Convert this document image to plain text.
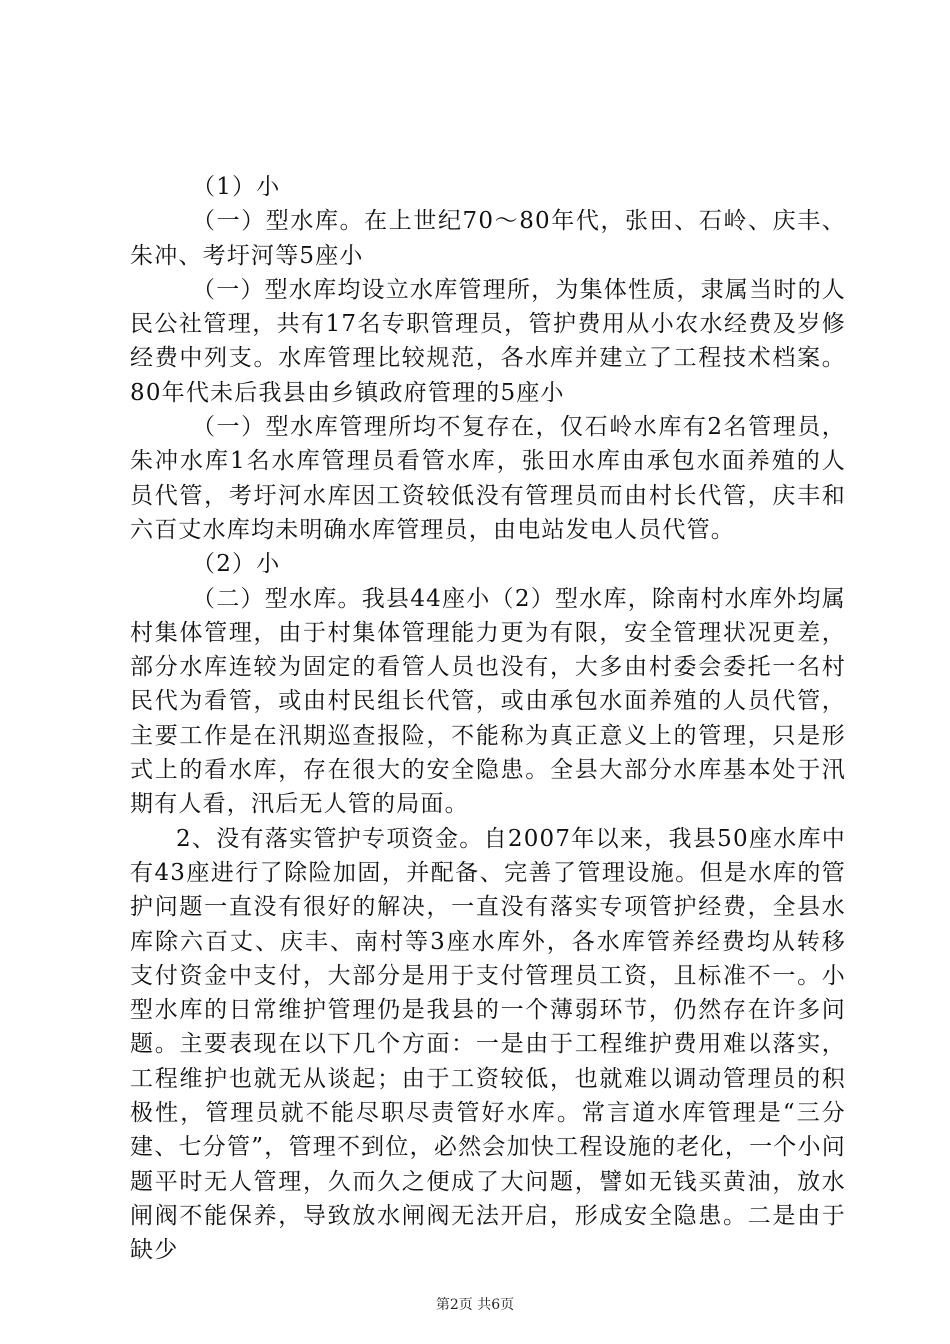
（1）小

（一）型水库。在上世纪70～80年代，张田、石岭、庆丰、朱冲、考圩河等5座小

（一）型水库均设立水库管理所，为集体性质，隶属当时的人民公社管理，共有17名专职管理员，管护费用从小农水经费及岁修经费中列支。水库管理比较规范，各水库并建立了工程技术档案。80年代未后我县由乡镇政府管理的5座小

（一）型水库管理所均不复存在，仅石岭水库有2名管理员，朱冲水库1名水库管理员看管水库，张田水库由承包水面养殖的人员代管，考圩河水库因工资较低没有管理员而由村长代管，庆丰和六百丈水库均未明确水库管理员，由电站发电人员代管。

（2）小

（二）型水库。我县44座小（2）型水库，除南村水库外均属村集体管理，由于村集体管理能力更为有限，安全管理状况更差，部分水库连较为固定的看管人员也没有，大多由村委会委托一名村民代为看管，或由村民组长代管，或由承包水面养殖的人员代管，主要工作是在汛期巡查报险，不能称为真正意义上的管理，只是形式上的看水库，存在很大的安全隐患。全县大部分水库基本处于汛期有人看，汛后无人管的局面。

2、没有落实管护专项资金。自2007年以来，我县50座水库中有43座进行了除险加固，并配备、完善了管理设施。但是水库的管护问题一直没有很好的解决，一直没有落实专项管护经费，全县水库除六百丈、庆丰、南村等3座水库外，各水库管养经费均从转移支付资金中支付，大部分是用于支付管理员工资，且标准不一。小型水库的日常维护管理仍是我县的一个薄弱环节，仍然存在许多问题。主要表现在以下几个方面：一是由于工程维护费用难以落实，工程维护也就无从谈起；由于工资较低，也就难以调动管理员的积极性，管理员就不能尽职尽责管好水库。常言道水库管理是“三分建、七分管”，管理不到位，必然会加快工程设施的老化，一个小问题平时无人管理，久而久之便成了大问题，譬如无钱买黄油，放水闸阀不能保养，导致放水闸阀无法开启，形成安全隐患。二是由于缺少

第2页 共6页
